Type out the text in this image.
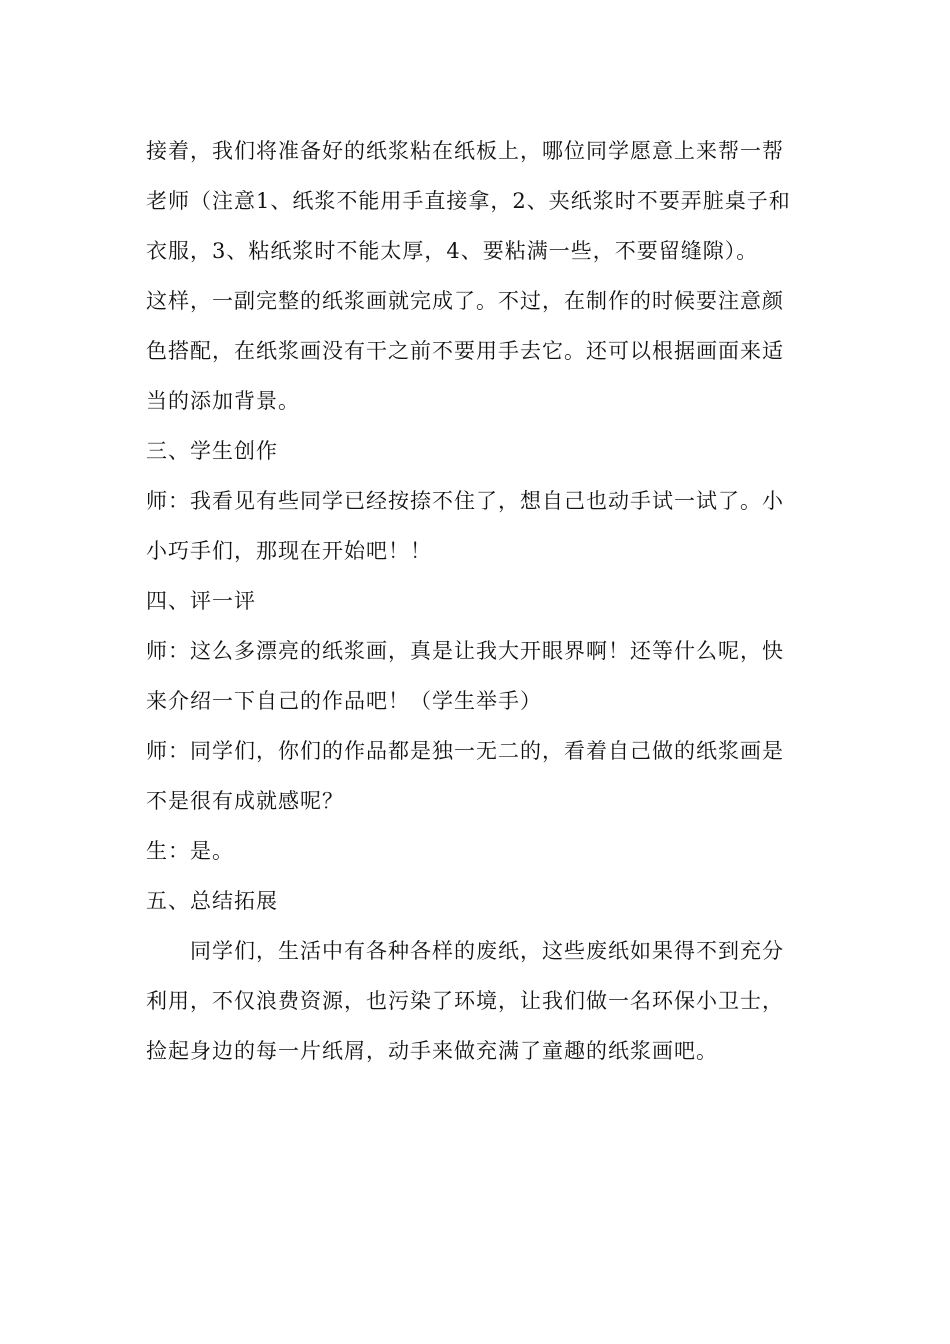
接着，我们将准备好的纸浆粘在纸板上，哪位同学愿意上来帮一帮
老师（注意1、纸浆不能用手直接拿，2、夹纸浆时不要弄脏桌子和
衣服，3、粘纸浆时不能太厚，4、要粘满一些，不要留缝隙）。
这样，一副完整的纸浆画就完成了。不过，在制作的时候要注意颜
色搭配，在纸浆画没有干之前不要用手去它。还可以根据画面来适
当的添加背景。
三、学生创作
师：我看见有些同学已经按捺不住了，想自己也动手试一试了。小
小巧手们，那现在开始吧！！
四、评一评
师：这么多漂亮的纸浆画，真是让我大开眼界啊！还等什么呢，快
来介绍一下自己的作品吧！（学生举手）
师：同学们，你们的作品都是独一无二的，看着自己做的纸浆画是
不是很有成就感呢？
生：是。
五、总结拓展
同学们，生活中有各种各样的废纸，这些废纸如果得不到充分
利用，不仅浪费资源，也污染了环境，让我们做一名环保小卫士，
捡起身边的每一片纸屑，动手来做充满了童趣的纸浆画吧。
